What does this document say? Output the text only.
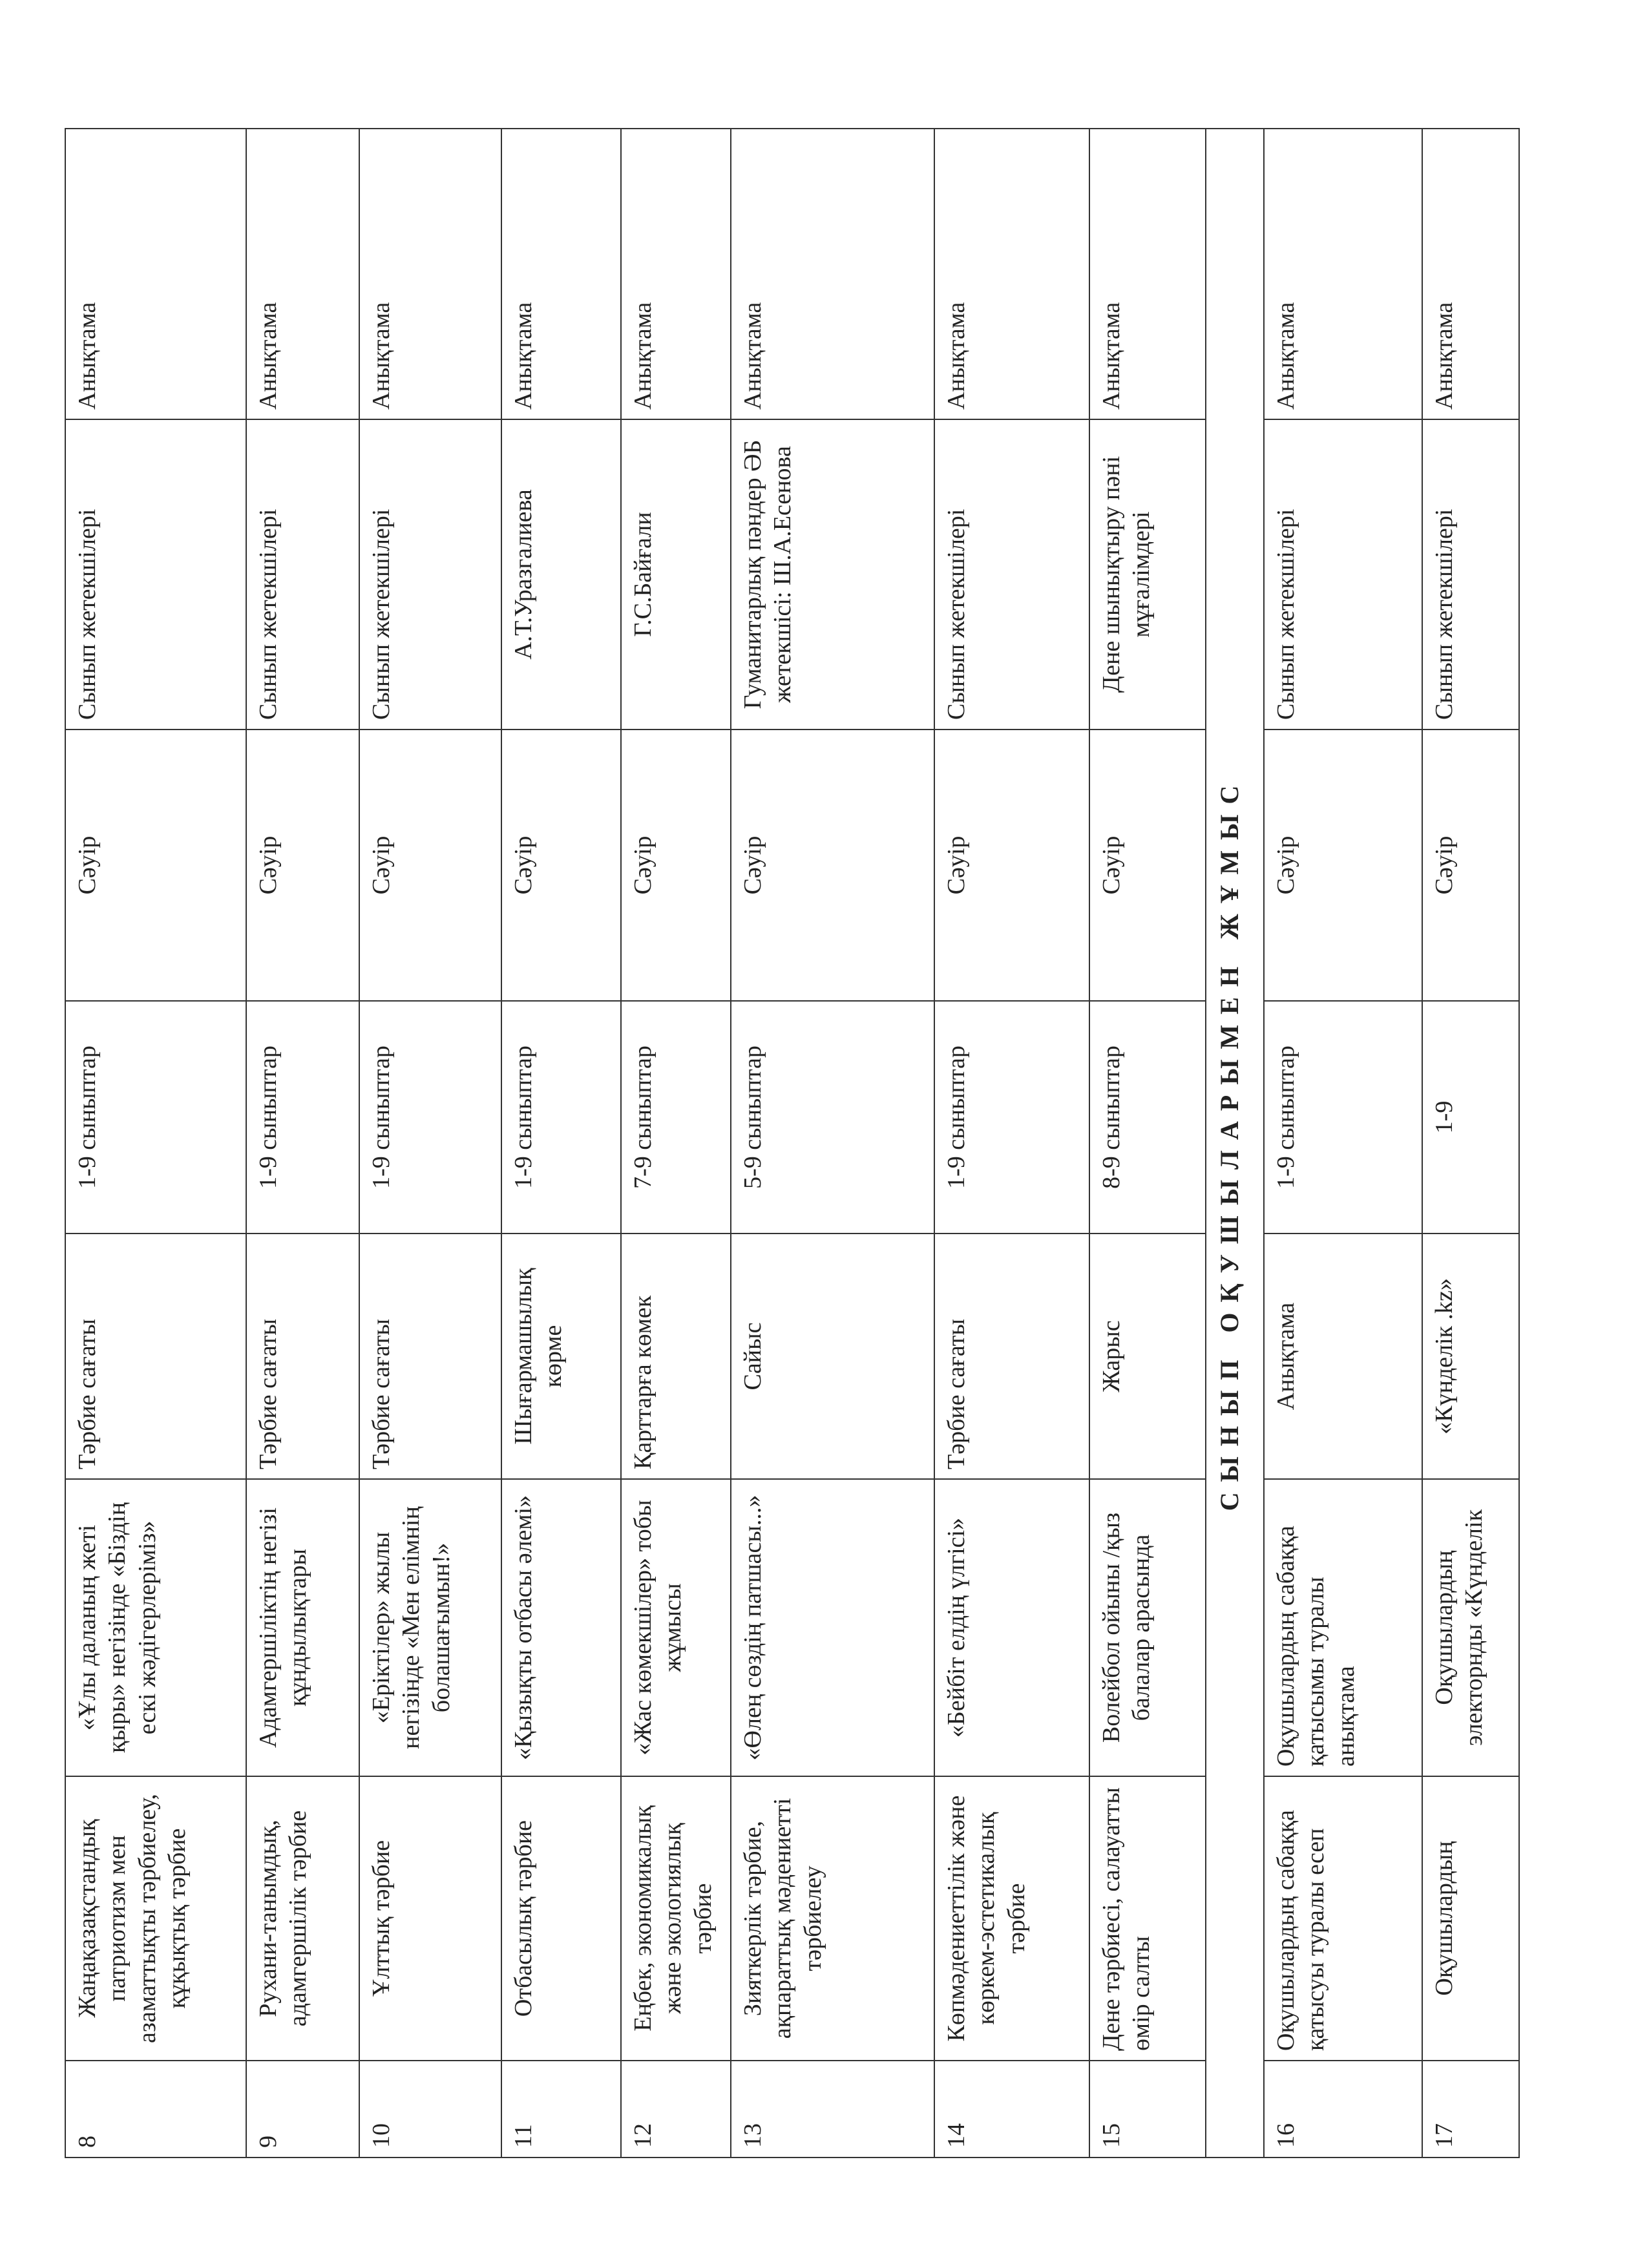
8	Жаңақазақстандық патриотизм мен азаматтықты тәрбиелеу, құқықтық тәрбие	«Ұлы даланың жеті қыры» негізінде «Біздің ескі жәдігерлеріміз»	Тәрбие сағаты	1-9 сыныптар	Сәуір	Сынып жетекшілері	Анықтама
9	Рухани-танымдық, адамгершілік тәрбие	Адамгершіліктің негізі құндылықтары	Тәрбие сағаты	1-9 сыныптар	Сәуір	Сынып жетекшілері	Анықтама
10	Ұлттық тәрбие	«Еріктілер» жылы негізінде «Мен елімнің болашағымын!»	Тәрбие сағаты	1-9 сыныптар	Сәуір	Сынып жетекшілері	Анықтама
11	Отбасылық тәрбие	«Қызықты отбасы әлемі»	Шығармашылық көрме	1-9 сыныптар	Сәуір	А.Т.Уразгалиева	Анықтама
12	Еңбек, экономикалық және экологиялық тәрбие	«Жас көмекшілер» тобы жұмысы	Қарттарға көмек	7-9 сыныптар	Сәуір	Г.С.Байғали	Анықтама
13	Зияткерлік тәрбие, ақпараттық мәдениетті тәрбиелеу	«Өлең сөздің патшасы...»	Сайыс	5-9 сыныптар	Сәуір	Гуманитарлық пәндер ӘБ жетекшісі: Ш.А.Есенова	Анықтама
14	Көпмәдениеттілік және көркем-эстетикалық тәрбие	«Бейбіт елдің үлгісі»	Тәрбие сағаты	1-9 сыныптар	Сәуір	Сынып жетекшілері	Анықтама
15	Дене тәрбиесі, салауатты өмір салты	Волейбол ойыны /қыз балалар арасында	Жарыс	8-9 сыныптар	Сәуір	Дене шынықтыру пәні мұғалімдері	Анықтама
СЫНЫП ОҚУШЫЛАРЫМЕН ЖҰМЫС							
16	Оқушылардың сабаққа қатысуы туралы есеп	Оқушылардың сабаққа қатысымы туралы анықтама	Анықтама	1-9 сыныптар	Сәуір	Сынып жетекшілері	Анықтама
17	Оқушылардың	Оқушылардың электорнды «Күнделік	«Күнделік .kz»	1-9	Сәуір	Сынып жетекшілері	Анықтама
